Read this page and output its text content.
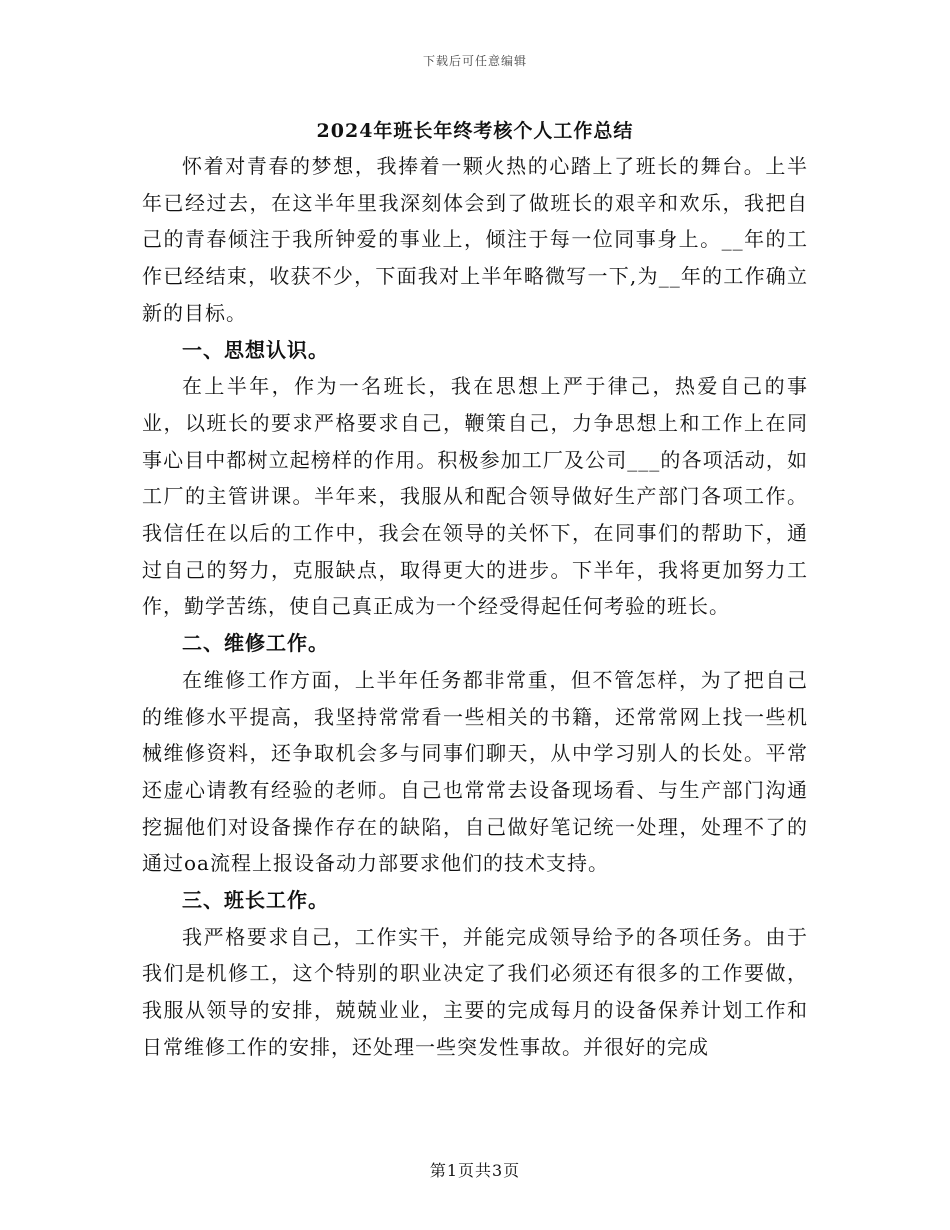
下载后可任意编辑
2024年班长年终考核个人工作总结

怀着对青春的梦想，我捧着一颗火热的心踏上了班长的舞台。上半年已经过去，在这半年里我深刻体会到了做班长的艰辛和欢乐，我把自己的青春倾注于我所钟爱的事业上，倾注于每一位同事身上。__年的工作已经结束，收获不少，下面我对上半年略微写一下,为__年的工作确立新的目标。

一、思想认识。

在上半年，作为一名班长，我在思想上严于律己，热爱自己的事业，以班长的要求严格要求自己，鞭策自己，力争思想上和工作上在同事心目中都树立起榜样的作用。积极参加工厂及公司___的各项活动，如工厂的主管讲课。半年来，我服从和配合领导做好生产部门各项工作。我信任在以后的工作中，我会在领导的关怀下，在同事们的帮助下，通过自己的努力，克服缺点，取得更大的进步。下半年，我将更加努力工作，勤学苦练，使自己真正成为一个经受得起任何考验的班长。

二、维修工作。

在维修工作方面，上半年任务都非常重，但不管怎样，为了把自己的维修水平提高，我坚持常常看一些相关的书籍，还常常网上找一些机械维修资料，还争取机会多与同事们聊天，从中学习别人的长处。平常还虚心请教有经验的老师。自己也常常去设备现场看、与生产部门沟通挖掘他们对设备操作存在的缺陷，自己做好笔记统一处理，处理不了的通过oa流程上报设备动力部要求他们的技术支持。

三、班长工作。

我严格要求自己，工作实干，并能完成领导给予的各项任务。由于我们是机修工，这个特别的职业决定了我们必须还有很多的工作要做，我服从领导的安排，兢兢业业，主要的完成每月的设备保养计划工作和日常维修工作的安排，还处理一些突发性事故。并很好的完成

第1页共3页
